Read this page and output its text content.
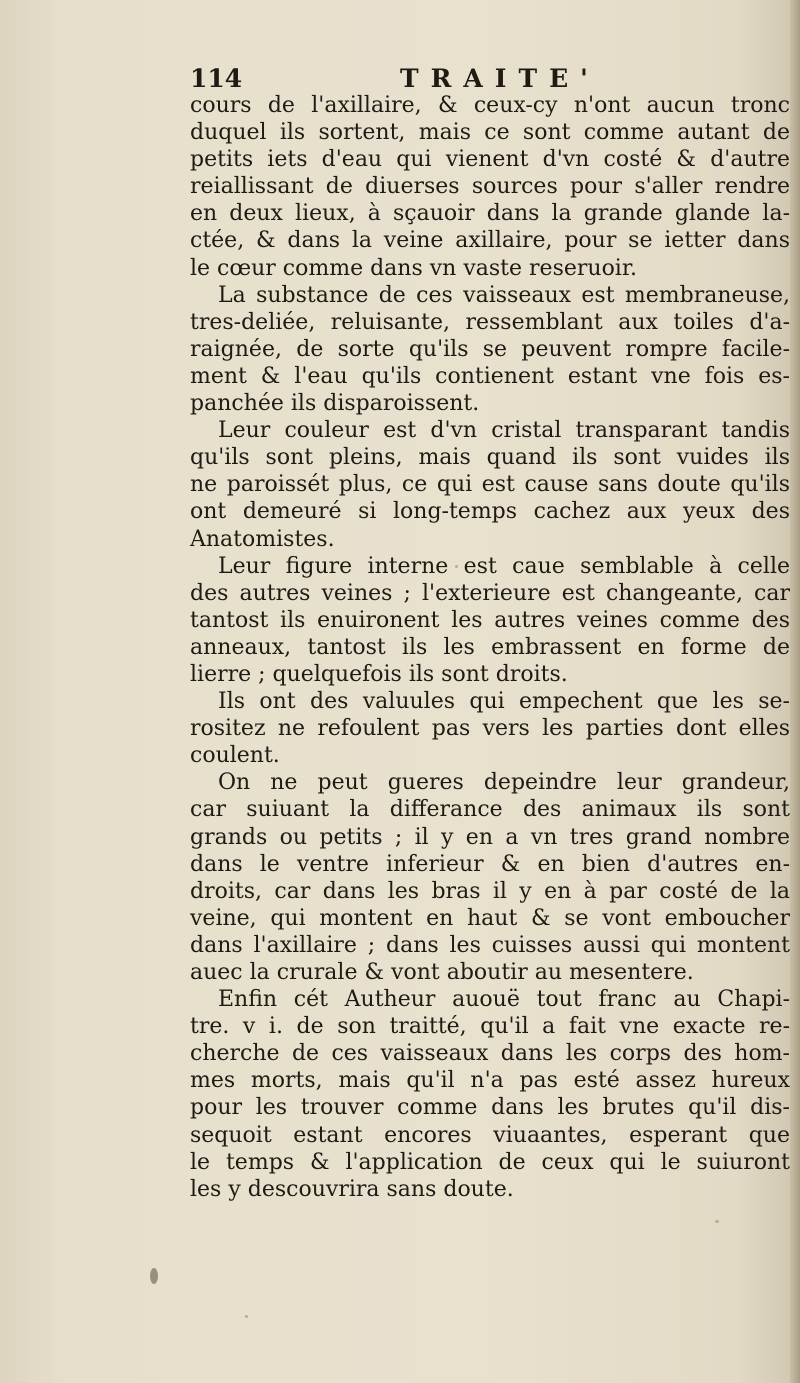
114	TRAITE'
cours de l'axillaire, & ceux-cy n'ont aucun tronc
duquel ils sortent, mais ce sont comme autant de
petits iets d'eau qui vienent d'vn costé & d'autre
reiallissant de diuerses sources pour s'aller rendre
en deux lieux, à sçauoir dans la grande glande la-
ctée, & dans la veine axillaire, pour se ietter dans
le cœur comme dans vn vaste reseruoir.
La substance de ces vaisseaux est membraneuse,
tres-deliée, reluisante, ressemblant aux toiles d'a-
raignée, de sorte qu'ils se peuvent rompre facile-
ment & l'eau qu'ils contienent estant vne fois es-
panchée ils disparoissent.
Leur couleur est d'vn cristal transparant tandis
qu'ils sont pleins, mais quand ils sont vuides ils
ne paroissét plus, ce qui est cause sans doute qu'ils
ont demeuré si long-temps cachez aux yeux des
Anatomistes.
Leur figure interne est caue semblable à celle
des autres veines ; l'exterieure est changeante, car
tantost ils enuironent les autres veines comme des
anneaux, tantost ils les embrassent en forme de
lierre ; quelquefois ils sont droits.
Ils ont des valuules qui empechent que les se-
rositez ne refoulent pas vers les parties dont elles
coulent.
On ne peut gueres depeindre leur grandeur,
car suiuant la differance des animaux ils sont
grands ou petits ; il y en a vn tres grand nombre
dans le ventre inferieur & en bien d'autres en-
droits, car dans les bras il y en à par costé de la
veine, qui montent en haut & se vont emboucher
dans l'axillaire ; dans les cuisses aussi qui montent
auec la crurale & vont aboutir au mesentere.
Enfin cét Autheur auouë tout franc au Chapi-
tre. v i. de son traitté, qu'il a fait vne exacte re-
cherche de ces vaisseaux dans les corps des hom-
mes morts, mais qu'il n'a pas esté assez hureux
pour les trouver comme dans les brutes qu'il dis-
sequoit estant encores viuaantes, esperant que
le temps & l'application de ceux qui le suiuront
les y descouvrira sans doute.
